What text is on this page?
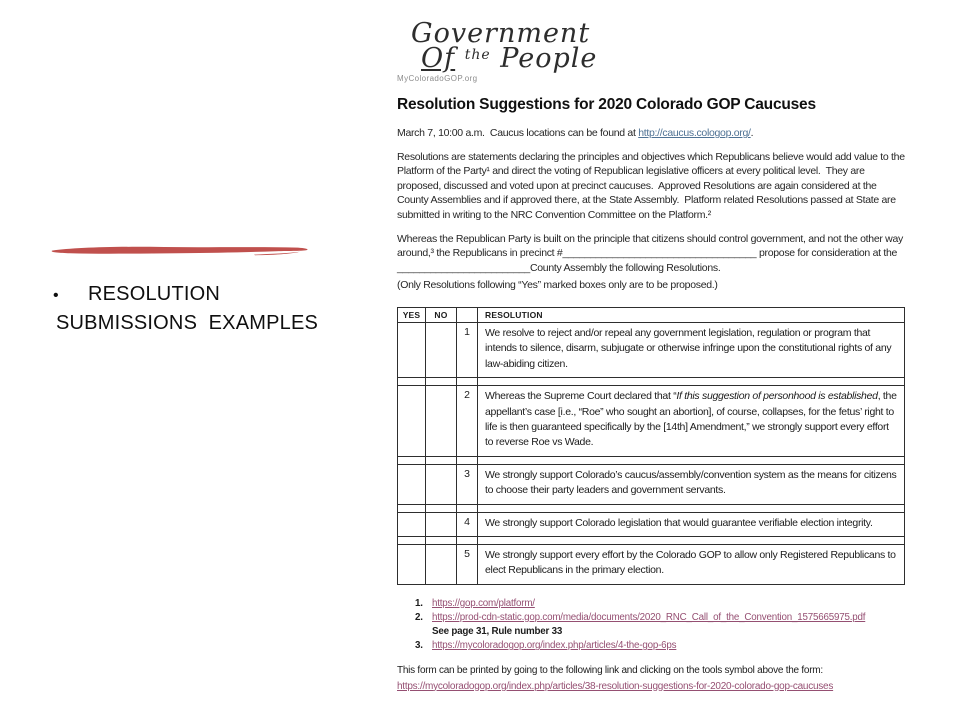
•	RESOLUTION
SUBMISSIONS  EXAMPLES
Government
Of $^{the}$ People
MyColoradoGOP.org
Resolution Suggestions for 2020 Colorado GOP Caucuses
March 7, 10:00 a.m.  Caucus locations can be found at http://caucus.cologop.org/.
Resolutions are statements declaring the principles and objectives which Republicans believe would add value to the Platform of the Party¹ and direct the voting of Republican legislative officers at every political level.  They are proposed, discussed and voted upon at precinct caucuses.  Approved Resolutions are again considered at the County Assemblies and if approved there, at the State Assembly.  Platform related Resolutions passed at State are submitted in writing to the NRC Convention Committee on the Platform.²
Whereas the Republican Party is built on the principle that citizens should control government, and not the other way around,³ the Republicans in precinct #___________________________________ propose for consideration at the ________________________County Assembly the following Resolutions.
(Only Resolutions following “Yes” marked boxes only are to be proposed.)
YES	NO		RESOLUTION
		1	We resolve to reject and/or repeal any government legislation, regulation or program that intends to silence, disarm, subjugate or otherwise infringe upon the constitutional rights of any law-abiding citizen.

		2	Whereas the Supreme Court declared that “If this suggestion of personhood is established, the appellant’s case [i.e., “Roe” who sought an abortion], of course, collapses, for the fetus’ right to life is then guaranteed specifically by the [14th] Amendment,” we strongly support every effort to reverse Roe vs Wade.

		3	We strongly support Colorado’s caucus/assembly/convention system as the means for citizens to choose their party leaders and government servants.

		4	We strongly support Colorado legislation that would guarantee verifiable election integrity.

		5	We strongly support every effort by the Colorado GOP to allow only Registered Republicans to elect Republicans in the primary election.
1. https://gop.com/platform/
2. https://prod-cdn-static.gop.com/media/documents/2020_RNC_Call_of_the_Convention_1575665975.pdf
See page 31, Rule number 33
3. https://mycoloradogop.org/index.php/articles/4-the-gop-6ps
This form can be printed by going to the following link and clicking on the tools symbol above the form:
https://mycoloradogop.org/index.php/articles/38-resolution-suggestions-for-2020-colorado-gop-caucuses
